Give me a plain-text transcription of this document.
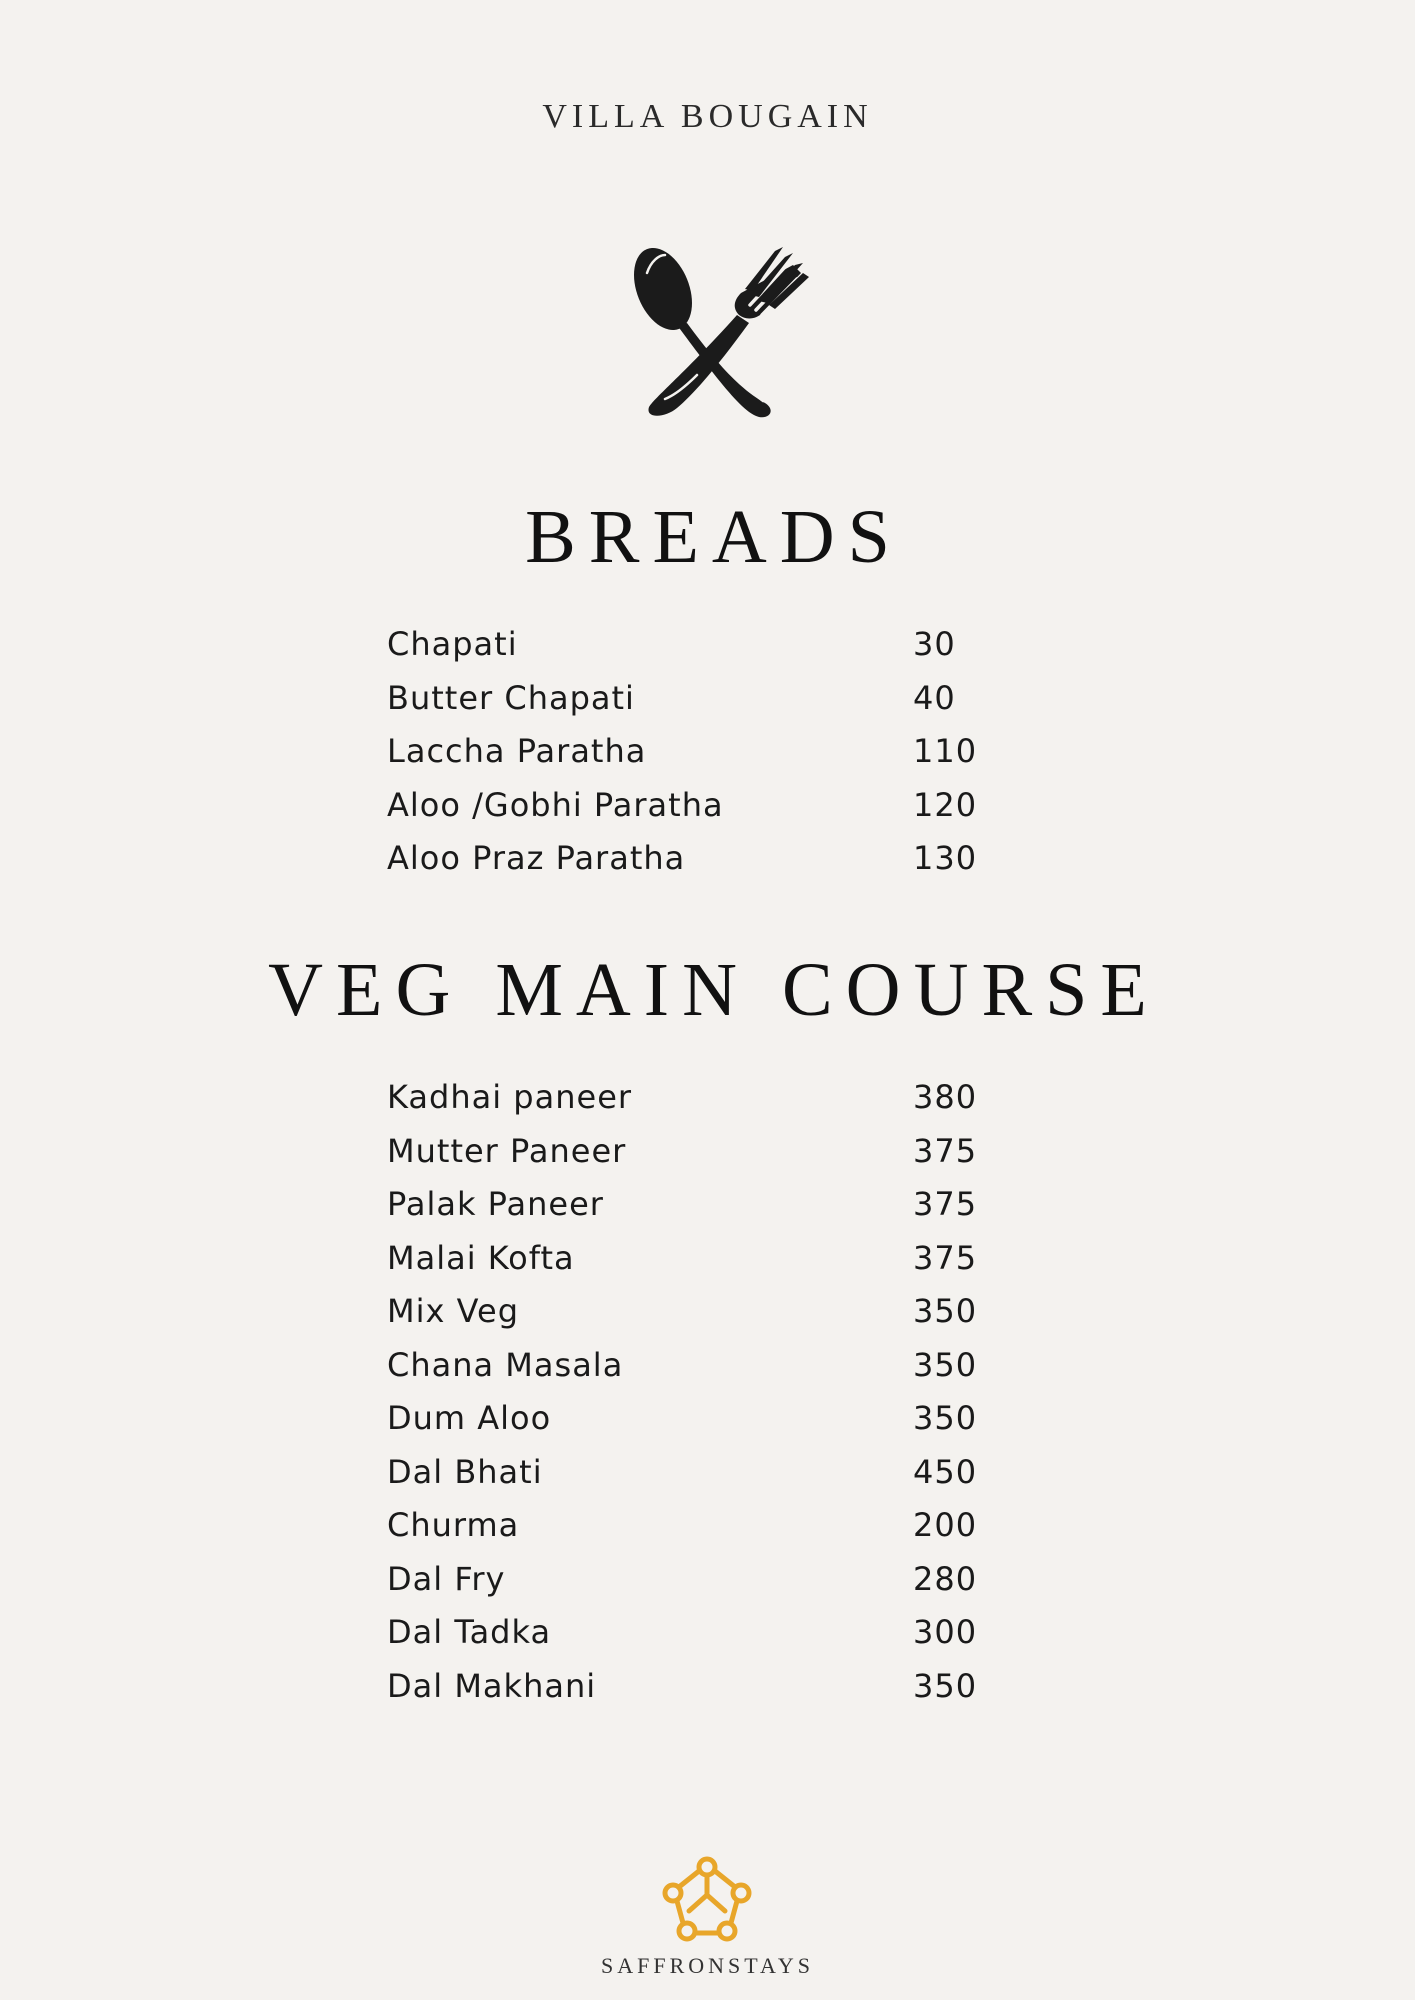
VILLA BOUGAIN
BREADS
Chapati	30
Butter Chapati	40
Laccha Paratha	110
Aloo /Gobhi Paratha	120
Aloo Praz Paratha	130
VEG MAIN COURSE
Kadhai paneer	380
Mutter Paneer	375
Palak Paneer	375
Malai Kofta	375
Mix Veg	350
Chana Masala	350
Dum Aloo	350
Dal Bhati	450
Churma	200
Dal Fry	280
Dal Tadka	300
Dal Makhani	350
SAFFRONSTAYS
